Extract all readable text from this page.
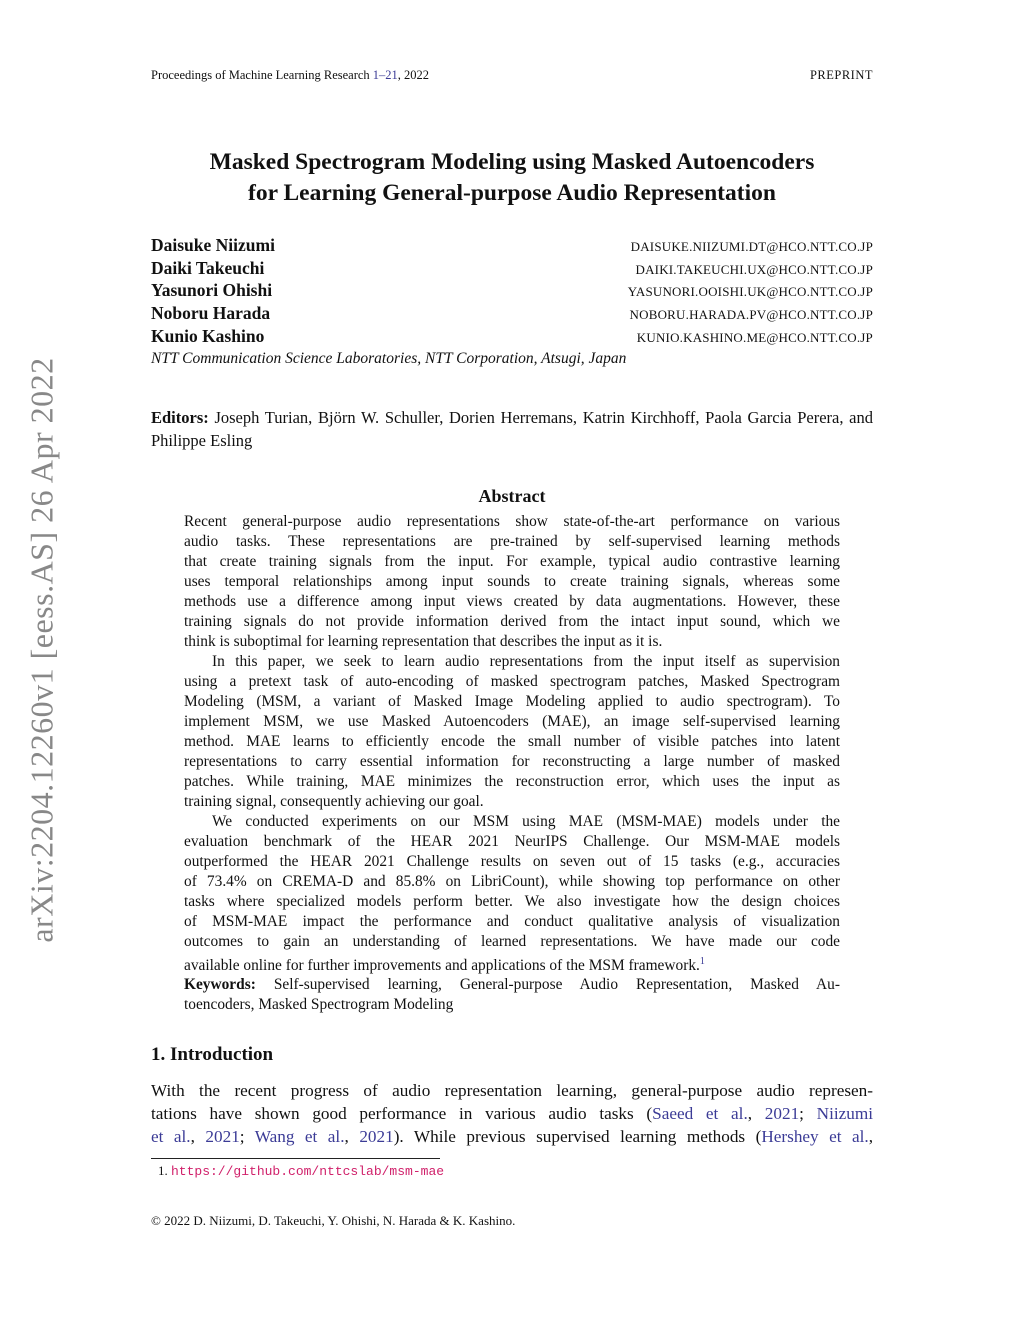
Proceedings of Machine Learning Research 1–21, 2022	PREPRINT
arXiv:2204.12260v1 [eess.AS] 26 Apr 2022
Masked Spectrogram Modeling using Masked Autoencoders
for Learning General-purpose Audio Representation
Daisuke Niizumi	DAISUKE.NIIZUMI.DT@HCO.NTT.CO.JP
Daiki Takeuchi	DAIKI.TAKEUCHI.UX@HCO.NTT.CO.JP
Yasunori Ohishi	YASUNORI.OOISHI.UK@HCO.NTT.CO.JP
Noboru Harada	NOBORU.HARADA.PV@HCO.NTT.CO.JP
Kunio Kashino	KUNIO.KASHINO.ME@HCO.NTT.CO.JP
NTT Communication Science Laboratories, NTT Corporation, Atsugi, Japan
Editors: Joseph Turian, Björn W. Schuller, Dorien Herremans, Katrin Kirchhoff, Paola Garcia Perera, and Philippe Esling
Abstract
Recent general-purpose audio representations show state-of-the-art performance on various
audio tasks. These representations are pre-trained by self-supervised learning methods
that create training signals from the input. For example, typical audio contrastive learning
uses temporal relationships among input sounds to create training signals, whereas some
methods use a difference among input views created by data augmentations. However, these
training signals do not provide information derived from the intact input sound, which we
think is suboptimal for learning representation that describes the input as it is.
In this paper, we seek to learn audio representations from the input itself as supervision
using a pretext task of auto-encoding of masked spectrogram patches, Masked Spectrogram
Modeling (MSM, a variant of Masked Image Modeling applied to audio spectrogram). To
implement MSM, we use Masked Autoencoders (MAE), an image self-supervised learning
method. MAE learns to efficiently encode the small number of visible patches into latent
representations to carry essential information for reconstructing a large number of masked
patches. While training, MAE minimizes the reconstruction error, which uses the input as
training signal, consequently achieving our goal.
We conducted experiments on our MSM using MAE (MSM-MAE) models under the
evaluation benchmark of the HEAR 2021 NeurIPS Challenge. Our MSM-MAE models
outperformed the HEAR 2021 Challenge results on seven out of 15 tasks (e.g., accuracies
of 73.4% on CREMA-D and 85.8% on LibriCount), while showing top performance on other
tasks where specialized models perform better. We also investigate how the design choices
of MSM-MAE impact the performance and conduct qualitative analysis of visualization
outcomes to gain an understanding of learned representations. We have made our code
available online for further improvements and applications of the MSM framework.$^1$
Keywords: Self-supervised learning, General-purpose Audio Representation, Masked Au-
toencoders, Masked Spectrogram Modeling
1. Introduction
With the recent progress of audio representation learning, general-purpose audio represen-
tations have shown good performance in various audio tasks (Saeed et al., 2021; Niizumi
et al., 2021; Wang et al., 2021). While previous supervised learning methods (Hershey et al.,
1. https://github.com/nttcslab/msm-mae
© 2022 D. Niizumi, D. Takeuchi, Y. Ohishi, N. Harada & K. Kashino.
